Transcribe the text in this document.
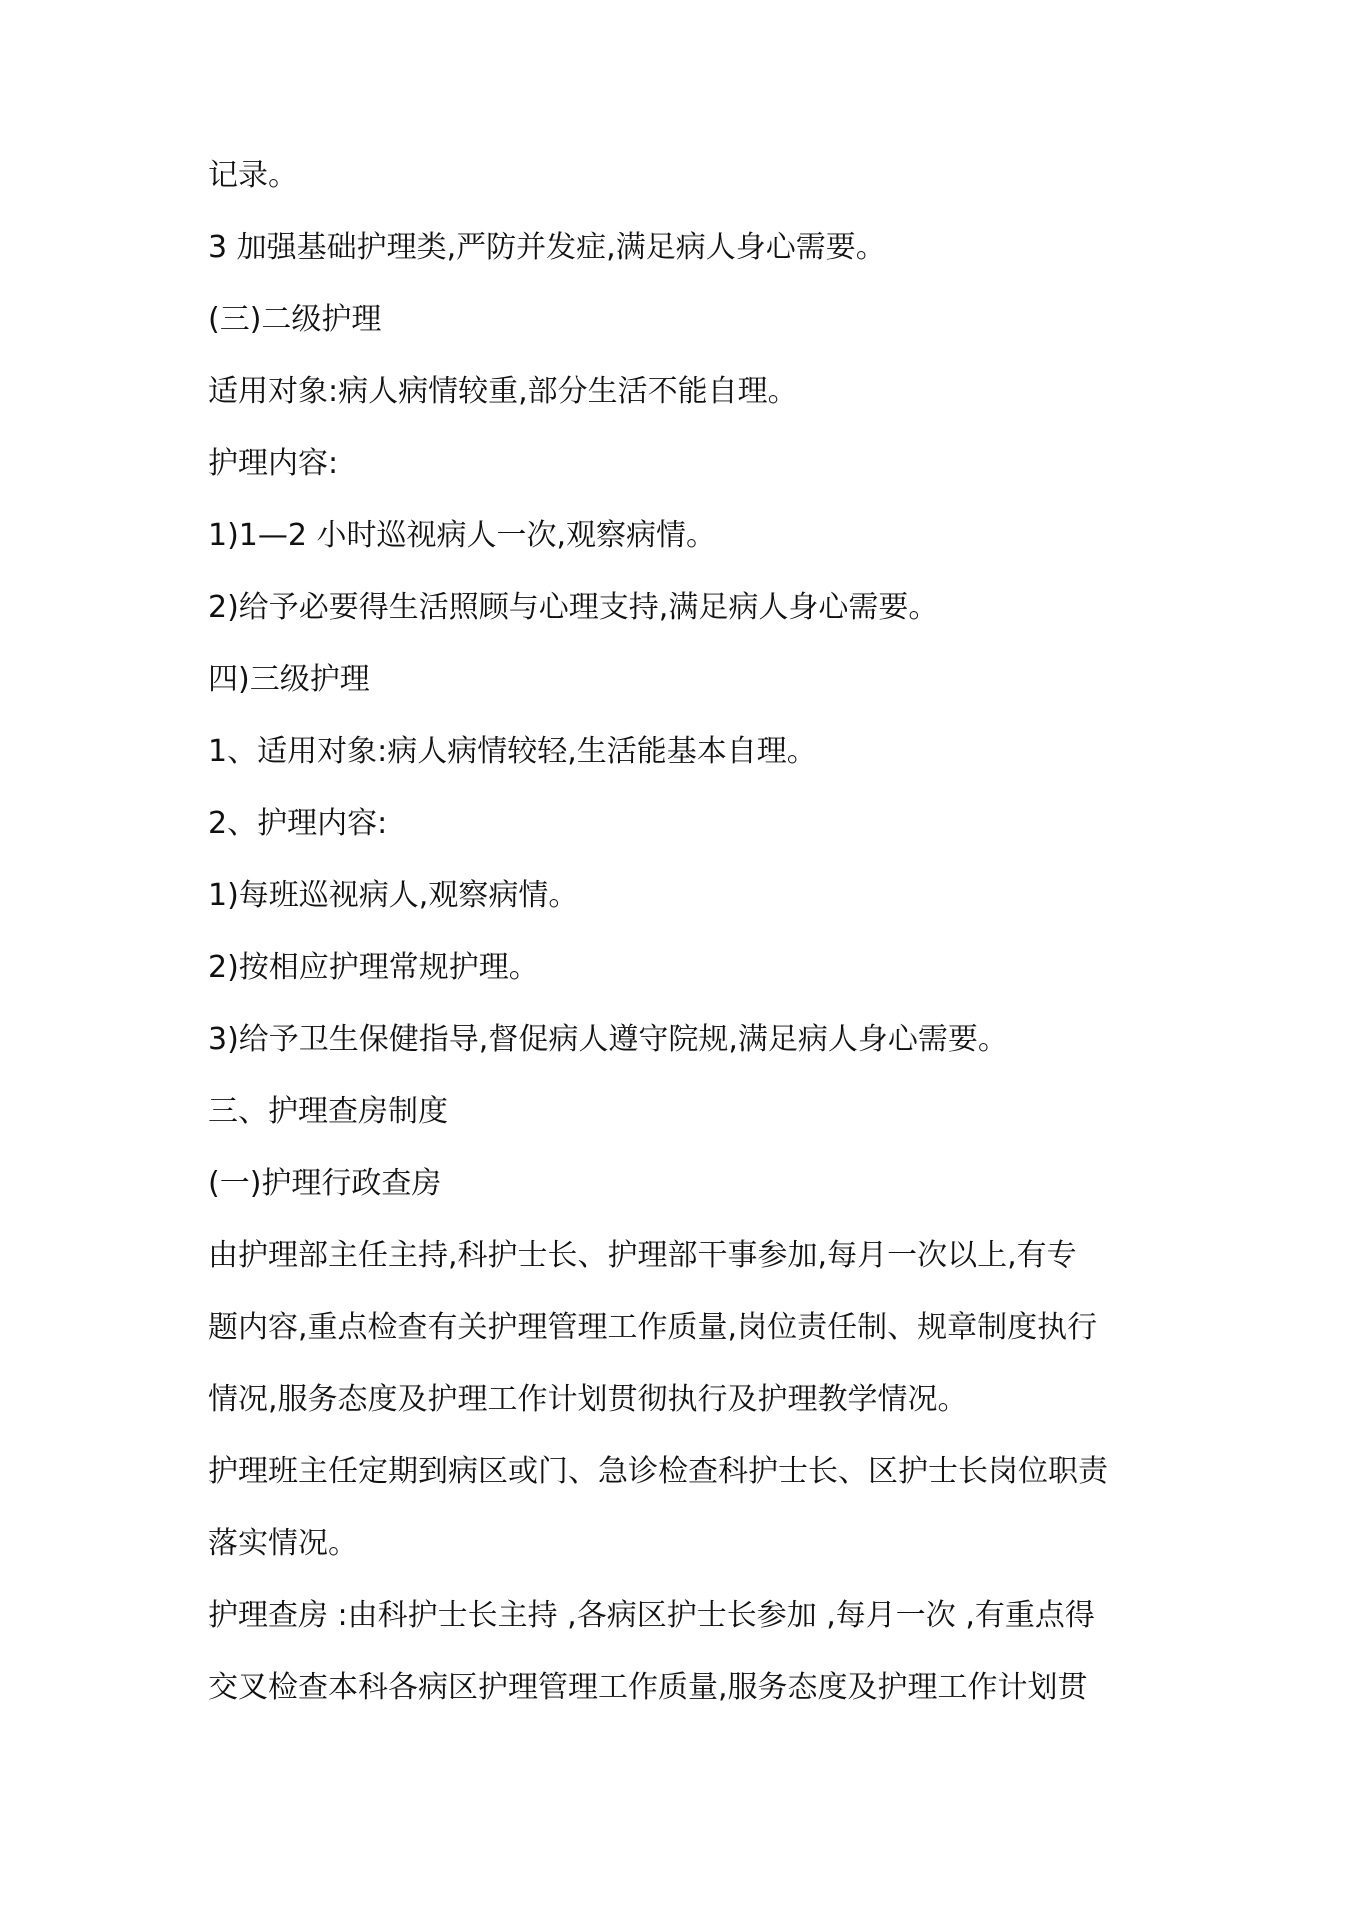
记录。

3 加强基础护理类,严防并发症,满足病人身心需要。

(三)二级护理

适用对象:病人病情较重,部分生活不能自理。

护理内容:

1)1—2 小时巡视病人一次,观察病情。

2)给予必要得生活照顾与心理支持,满足病人身心需要。

四)三级护理

1、适用对象:病人病情较轻,生活能基本自理。

2、护理内容:

1)每班巡视病人,观察病情。

2)按相应护理常规护理。

3)给予卫生保健指导,督促病人遵守院规,满足病人身心需要。

三、护理查房制度

(一)护理行政查房

由护理部主任主持,科护士长、护理部干事参加,每月一次以上,有专

题内容,重点检查有关护理管理工作质量,岗位责任制、规章制度执行

情况,服务态度及护理工作计划贯彻执行及护理教学情况。

护理班主任定期到病区或门、急诊检查科护士长、区护士长岗位职责

落实情况。

护理查房 :由科护士长主持 ,各病区护士长参加 ,每月一次 ,有重点得

交叉检查本科各病区护理管理工作质量,服务态度及护理工作计划贯
